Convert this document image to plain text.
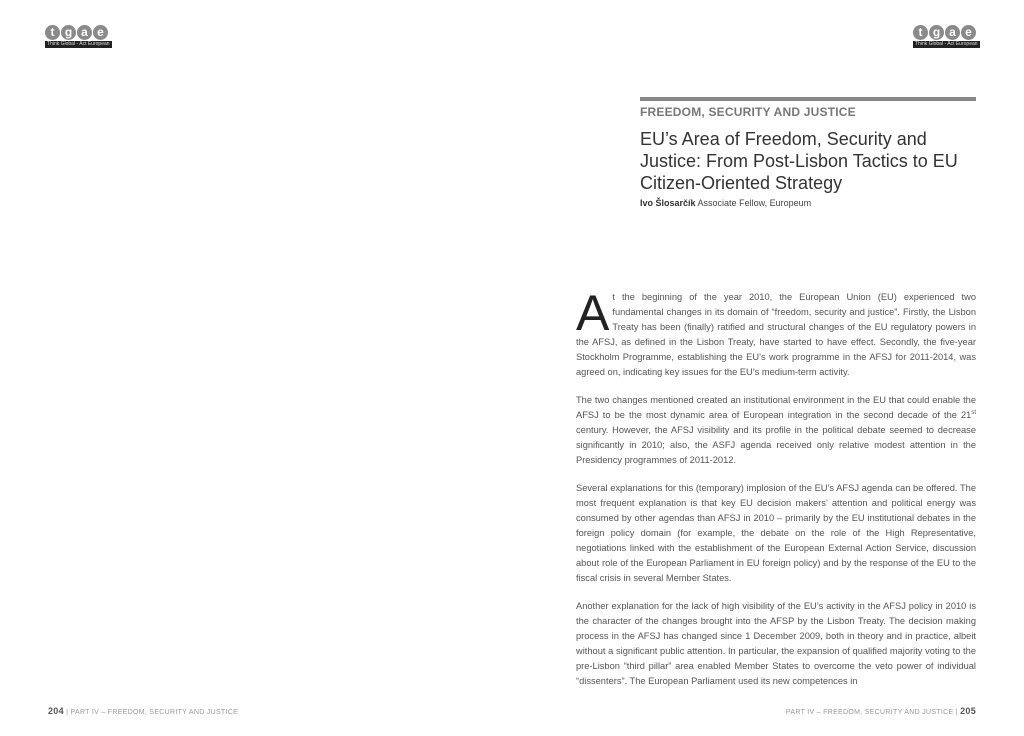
t g a e
Think Global - Act European
t g a e
Think Global - Act European
FREEDOM, SECURITY AND JUSTICE
EU’s Area of Freedom, Security and Justice: From Post-Lisbon Tactics to EU Citizen-Oriented Strategy
Ivo Šlosarčík Associate Fellow, Europeum

At the beginning of the year 2010, the European Union (EU) experienced two fundamental changes in its domain of “freedom, security and justice”. Firstly, the Lisbon Treaty has been (finally) ratified and structural changes of the EU regulatory powers in the AFSJ, as defined in the Lisbon Treaty, have started to have effect. Secondly, the five-year Stockholm Programme, establishing the EU’s work programme in the AFSJ for 2011-2014, was agreed on, indicating key issues for the EU’s medium-term activity.

The two changes mentioned created an institutional environment in the EU that could enable the AFSJ to be the most dynamic area of European integration in the second decade of the 21st century. However, the AFSJ visibility and its profile in the political debate seemed to decrease significantly in 2010; also, the ASFJ agenda received only relative modest attention in the Presidency programmes of 2011-2012.

Several explanations for this (temporary) implosion of the EU’s AFSJ agenda can be offered. The most frequent explanation is that key EU decision makers’ attention and political energy was consumed by other agendas than AFSJ in 2010 – primarily by the EU institutional debates in the foreign policy domain (for example, the debate on the role of the High Representative, negotiations linked with the establishment of the European External Action Service, discussion about role of the European Parliament in EU foreign policy) and by the response of the EU to the fiscal crisis in several Member States.

Another explanation for the lack of high visibility of the EU’s activity in the AFSJ policy in 2010 is the character of the changes brought into the AFSP by the Lisbon Treaty. The decision making process in the AFSJ has changed since 1 December 2009, both in theory and in practice, albeit without a significant public attention. In particular, the expansion of qualified majority voting to the pre-Lisbon “third pillar” area enabled Member States to overcome the veto power of individual “dissenters”. The European Parliament used its new competences in

204 | PART IV – FREEDOM, SECURITY AND JUSTICE	PART IV – FREEDOM, SECURITY AND JUSTICE | 205
